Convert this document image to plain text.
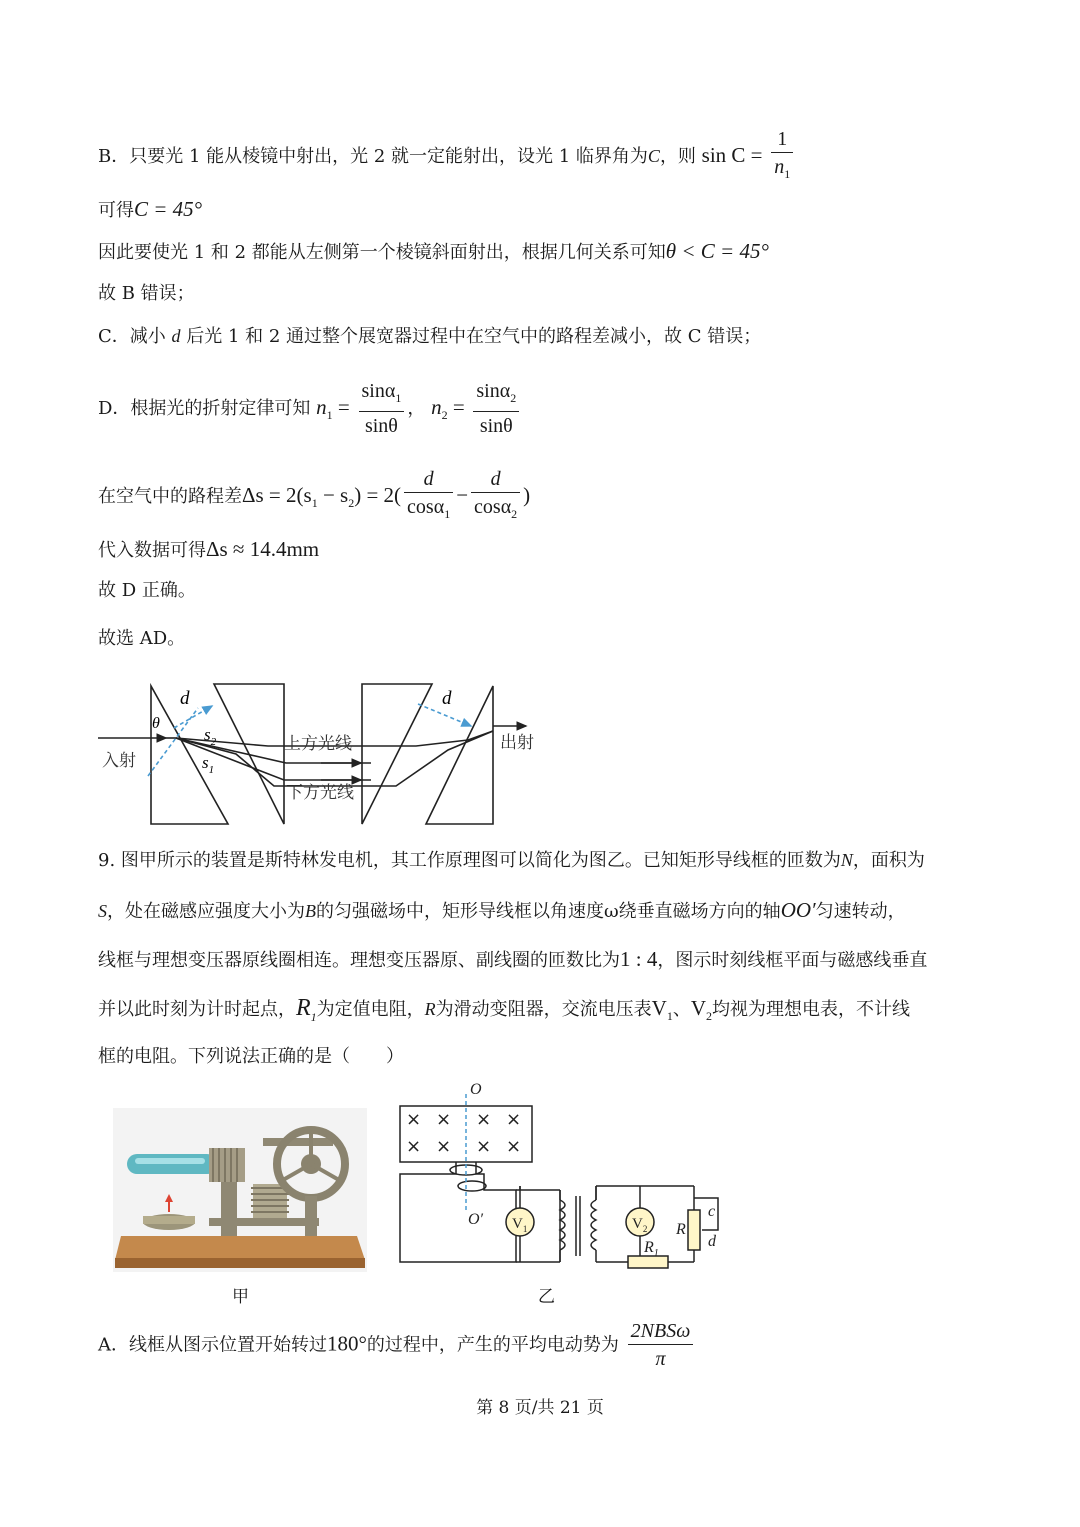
B．只要光 1 能从棱镜中射出，光 2 就一定能射出，设光 1 临界角为C，则 $\sin C = \frac{1}{n_1}$
可得C = 45°
因此要使光 1 和 2 都能从左侧第一个棱镜斜面射出，根据几何关系可知θ < C = 45°
故 B 错误；
C．减小 d 后光 1 和 2 通过整个展宽器过程中在空气中的路程差减小，故 C 错误；
D．根据光的折射定律可知 $n_1 = \frac{\sin\alpha_1}{\sin\theta}$ ， $n_2 = \frac{\sin\alpha_2}{\sin\theta}$
在空气中的路程差$\Delta s = 2(s_1 - s_2) = 2( \frac{d}{\cos\alpha_1} - \frac{d}{\cos\alpha_2}$ )
代入数据可得Δs ≈ 14.4mm
故 D 正确。
故选 AD。
d	d
θ
$s_2$
$s_1$
入射
上方光线
下方光线
出射
9. 图甲所示的装置是斯特林发电机，其工作原理图可以简化为图乙。已知矩形导线框的匝数为N，面积为
S，处在磁感应强度大小为B的匀强磁场中，矩形导线框以角速度ω绕垂直磁场方向的轴OO′匀速转动，
线框与理想变压器原线圈相连。理想变压器原、副线圈的匝数比为1 : 4，图示时刻线框平面与磁感线垂直
并以此时刻为计时起点，$R_1$为定值电阻，R为滑动变阻器，交流电压表$V_1$、$V_2$均视为理想电表，不计线
框的电阻。下列说法正确的是（　　）
甲
× × × ×
× × × ×
O
O′
R
$R_1$
c
d
$V_1$	$V_2$
乙
A．线框从图示位置开始转过180°的过程中，产生的平均电动势为 $\frac{\text{2NBSω}}{\pi}$
第 8 页/共 21 页
